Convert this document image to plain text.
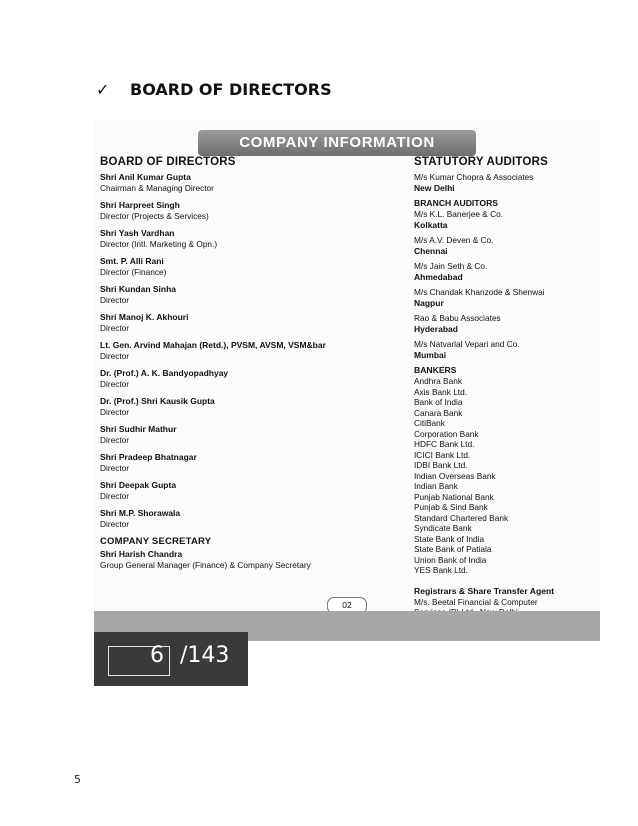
✓ BOARD OF DIRECTORS
COMPANY INFORMATION
BOARD OF DIRECTORS
Shri Anil Kumar Gupta
Chairman & Managing Director
Shri Harpreet Singh
Director (Projects & Services)
Shri Yash Vardhan
Director (Intl. Marketing & Opn.)
Smt. P. Alli Rani
Director (Finance)
Shri Kundan Sinha
Director
Shri Manoj K. Akhouri
Director
Lt. Gen. Arvind Mahajan (Retd.), PVSM, AVSM, VSM&bar
Director
Dr. (Prof.) A. K. Bandyopadhyay
Director
Dr. (Prof.) Shri Kausik Gupta
Director
Shri Sudhir Mathur
Director
Shri Pradeep Bhatnagar
Director
Shri Deepak Gupta
Director
Shri M.P. Shorawala
Director
COMPANY SECRETARY
Shri Harish Chandra
Group General Manager (Finance) & Company Secretary
STATUTORY AUDITORS
M/s Kumar Chopra & Associates
New Delhi
BRANCH AUDITORS
M/s K.L. Banerjee & Co.
Kolkatta
M/s A.V. Deven & Co.
Chennai
M/s Jain Seth & Co.
Ahmedabad
M/s Chandak Khanzode & Shenwai
Nagpur
Rao & Babu Associates
Hyderabad
M/s Natvarlal Vepari and Co.
Mumbai
BANKERS
Andhra Bank
Axis Bank Ltd.
Bank of India
Canara Bank
CitiBank
Corporation Bank
HDFC Bank Ltd.
ICICI Bank Ltd.
IDBI Bank Ltd.
Indian Overseas Bank
Indian Bank
Punjab National Bank
Punjab & Sind Bank
Standard Chartered Bank
Syndicate Bank
State Bank of India
State Bank of Patiala
Union Bank of India
YES Bank Ltd.
Registrars & Share Transfer Agent
M/s. Beetal Financial & Computer
02
6 /143
5
